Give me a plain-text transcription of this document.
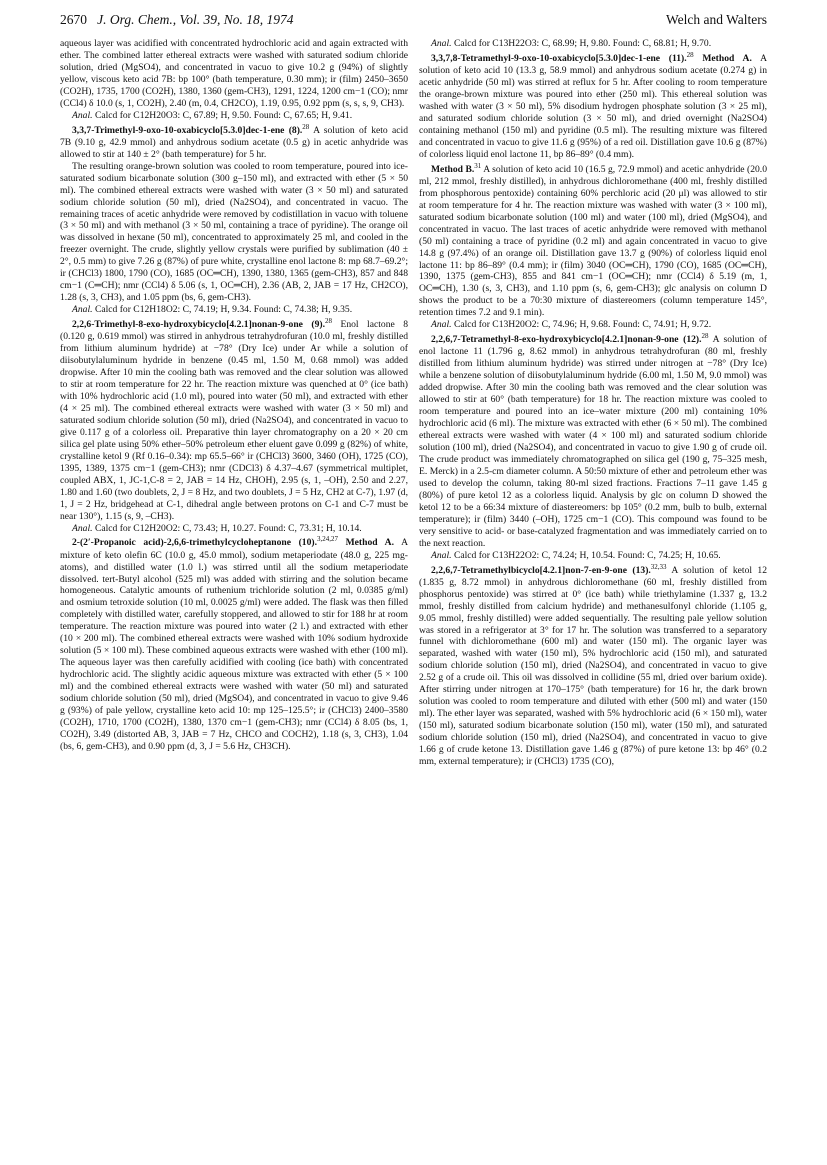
2670 J. Org. Chem., Vol. 39, No. 18, 1974	Welch and Walters

aqueous layer was acidified with concentrated hydrochloric acid and again extracted with ether. The combined latter ethereal extracts were washed with saturated sodium chloride solution, dried (MgSO4), and concentrated in vacuo to give 10.2 g (94%) of slightly yellow, viscous keto acid 7B: bp 100° (bath temperature, 0.30 mm); ir (film) 2450–3650 (CO2H), 1735, 1700 (CO2H), 1380, 1360 (gem-CH3), 1291, 1224, 1200 cm−1 (CO); nmr (CCl4) δ 10.0 (s, 1, CO2H), 2.40 (m, 0.4, CH2CO), 1.19, 0.95, 0.92 ppm (s, s, s, 9, CH3).

Anal. Calcd for C12H20O3: C, 67.89; H, 9.50. Found: C, 67.65; H, 9.41.

3,3,7-Trimethyl-9-oxo-10-oxabicyclo[5.3.0]dec-1-ene (8).$^{28}$ A solution of keto acid 7B (9.10 g, 42.9 mmol) and anhydrous sodium acetate (0.5 g) in acetic anhydride was allowed to stir at 140 ± 2° (bath temperature) for 5 hr.

The resulting orange-brown solution was cooled to room temperature, poured into ice-saturated sodium bicarbonate solution (300 g–150 ml), and extracted with ether (5 × 50 ml). The combined ethereal extracts were washed with water (3 × 50 ml) and saturated sodium chloride solution (50 ml), dried (Na2SO4), and concentrated in vacuo. The remaining traces of acetic anhydride were removed by codistillation in vacuo with toluene (3 × 50 ml) and with methanol (3 × 50 ml, containing a trace of pyridine). The orange oil was dissolved in hexane (50 ml), concentrated to approximately 25 ml, and cooled in the freezer overnight. The crude, slightly yellow crystals were purified by sublimation (40 ± 2°, 0.5 mm) to give 7.26 g (87%) of pure white, crystalline enol lactone 8: mp 68.7–69.2°; ir (CHCl3) 1800, 1790 (CO), 1685 (OC═CH), 1390, 1380, 1365 (gem-CH3), 857 and 848 cm−1 (C═CH); nmr (CCl4) δ 5.06 (s, 1, OC═CH), 2.36 (AB, 2, JAB = 17 Hz, CH2CO), 1.28 (s, 3, CH3), and 1.05 ppm (bs, 6, gem-CH3).

Anal. Calcd for C12H18O2: C, 74.19; H, 9.34. Found: C, 74.38; H, 9.35.

2,2,6-Trimethyl-8-exo-hydroxybicyclo[4.2.1]nonan-9-one (9).$^{28}$ Enol lactone 8 (0.120 g, 0.619 mmol) was stirred in anhydrous tetrahydrofuran (10.0 ml, freshly distilled from lithium aluminum hydride) at −78° (Dry Ice) under Ar while a solution of diisobutylaluminum hydride in benzene (0.45 ml, 1.50 M, 0.68 mmol) was added dropwise. After 10 min the cooling bath was removed and the clear solution was allowed to stir at room temperature for 22 hr. The reaction mixture was quenched at 0° (ice bath) with 10% hydrochloric acid (1.0 ml), poured into water (50 ml), and extracted with ether (4 × 25 ml). The combined ethereal extracts were washed with water (3 × 50 ml) and saturated sodium chloride solution (50 ml), dried (Na2SO4), and concentrated in vacuo to give 0.117 g of a colorless oil. Preparative thin layer chromatography on a 20 × 20 cm silica gel plate using 50% ether–50% petroleum ether eluent gave 0.099 g (82%) of white, crystalline ketol 9 (Rf 0.16–0.34): mp 65.5–66° ir (CHCl3) 3600, 3460 (OH), 1725 (CO), 1395, 1389, 1375 cm−1 (gem-CH3); nmr (CDCl3) δ 4.37–4.67 (symmetrical multiplet, coupled ABX, 1, JC-1,C-8 = 2, JAB = 14 Hz, CHOH), 2.95 (s, 1, –OH), 2.50 and 2.27, 1.80 and 1.60 (two doublets, 2, J = 8 Hz, and two doublets, J = 5 Hz, CH2 at C-7), 1.97 (d, 1, J = 2 Hz, bridgehead at C-1, dihedral angle between protons on C-1 and C-7 must be near 130°), 1.15 (s, 9, –CH3).

Anal. Calcd for C12H20O2: C, 73.43; H, 10.27. Found: C, 73.31; H, 10.14.

2-(2′-Propanoic acid)-2,6,6-trimethylcycloheptanone (10).$^{3,24,27}$ Method A. A mixture of keto olefin 6C (10.0 g, 45.0 mmol), sodium metaperiodate (48.0 g, 225 mg-atoms), and distilled water (1.0 l.) was stirred until all the sodium metaperiodate dissolved. tert-Butyl alcohol (525 ml) was added with stirring and the solution became homogeneous. Catalytic amounts of ruthenium trichloride solution (2 ml, 0.0385 g/ml) and osmium tetroxide solution (10 ml, 0.0025 g/ml) were added. The flask was then filled completely with distilled water, carefully stoppered, and allowed to stir for 188 hr at room temperature. The reaction mixture was poured into water (2 l.) and extracted with ether (10 × 200 ml). The combined ethereal extracts were washed with 10% sodium hydroxide solution (5 × 100 ml). These combined aqueous extracts were washed with ether (100 ml). The aqueous layer was then carefully acidified with cooling (ice bath) with concentrated hydrochloric acid. The slightly acidic aqueous mixture was extracted with ether (5 × 100 ml) and the combined ethereal extracts were washed with water (50 ml) and saturated sodium chloride solution (50 ml), dried (MgSO4), and concentrated in vacuo to give 9.46 g (93%) of pale yellow, crystalline keto acid 10: mp 125–125.5°; ir (CHCl3) 2400–3580 (CO2H), 1710, 1700 (CO2H), 1380, 1370 cm−1 (gem-CH3); nmr (CCl4) δ 8.05 (bs, 1, CO2H), 3.49 (distorted AB, 3, JAB = 7 Hz, CHCO and COCH2), 1.18 (s, 3, CH3), 1.04 (bs, 6, gem-CH3), and 0.90 ppm (d, 3, J = 5.6 Hz, CH3CH).

Anal. Calcd for C13H22O3: C, 68.99; H, 9.80. Found: C, 68.81; H, 9.70.

3,3,7,8-Tetramethyl-9-oxo-10-oxabicyclo[5.3.0]dec-1-ene (11).$^{28}$ Method A. A solution of keto acid 10 (13.3 g, 58.9 mmol) and anhydrous sodium acetate (0.274 g) in acetic anhydride (50 ml) was stirred at reflux for 5 hr. After cooling to room temperature the orange-brown mixture was poured into ether (250 ml). This ethereal solution was washed with water (3 × 50 ml), 5% disodium hydrogen phosphate solution (3 × 25 ml), and saturated sodium chloride solution (3 × 50 ml), and dried overnight (Na2SO4) containing methanol (150 ml) and pyridine (0.5 ml). The resulting mixture was filtered and concentrated in vacuo to give 11.6 g (95%) of a red oil. Distillation gave 10.6 g (87%) of colorless liquid enol lactone 11, bp 86–89° (0.4 mm).

Method B.$^{31}$ A solution of keto acid 10 (16.5 g, 72.9 mmol) and acetic anhydride (20.0 ml, 212 mmol, freshly distilled), in anhydrous dichloromethane (400 ml, freshly distilled from phosphorous pentoxide) containing 60% perchloric acid (20 μl) was allowed to stir at room temperature for 4 hr. The reaction mixture was washed with water (3 × 100 ml), saturated sodium bicarbonate solution (100 ml) and water (100 ml), dried (MgSO4), and concentrated in vacuo. The last traces of acetic anhydride were removed with methanol (50 ml) containing a trace of pyridine (0.2 ml) and again concentrated in vacuo to give 14.8 g (97.4%) of an orange oil. Distillation gave 13.7 g (90%) of colorless liquid enol lactone 11: bp 86–89° (0.4 mm); ir (film) 3040 (OC═CH), 1790 (CO), 1685 (OC═CH), 1390, 1375 (gem-CH3), 855 and 841 cm−1 (OC═CH); nmr (CCl4) δ 5.19 (m, 1, OC═CH), 1.30 (s, 3, CH3), and 1.10 ppm (s, 6, gem-CH3); glc analysis on column D shows the product to be a 70:30 mixture of diastereomers (column temperature 145°, retention times 7.2 and 9.1 min).

Anal. Calcd for C13H20O2: C, 74.96; H, 9.68. Found: C, 74.91; H, 9.72.

2,2,6,7-Tetramethyl-8-exo-hydroxybicyclo[4.2.1]nonan-9-one (12).$^{28}$ A solution of enol lactone 11 (1.796 g, 8.62 mmol) in anhydrous tetrahydrofuran (80 ml, freshly distilled from lithium aluminum hydride) was stirred under nitrogen at −78° (Dry Ice) while a benzene solution of diisobutylaluminum hydride (6.00 ml, 1.50 M, 9.0 mmol) was added dropwise. After 30 min the cooling bath was removed and the clear solution was allowed to stir at 60° (bath temperature) for 18 hr. The reaction mixture was cooled to room temperature and poured into an ice–water mixture (200 ml) containing 10% hydrochloric acid (6 ml). The mixture was extracted with ether (6 × 50 ml). The combined ethereal extracts were washed with water (4 × 100 ml) and saturated sodium chloride solution (100 ml), dried (Na2SO4), and concentrated in vacuo to give 1.90 g of crude oil. The crude product was immediately chromatographed on silica gel (190 g, 75–325 mesh, E. Merck) in a 2.5-cm diameter column. A 50:50 mixture of ether and petroleum ether was used to develop the column, taking 80-ml sized fractions. Fractions 7–11 gave 1.45 g (80%) of pure ketol 12 as a colorless liquid. Analysis by glc on column D showed the ketol 12 to be a 66:34 mixture of diastereomers: bp 105° (0.2 mm, bulb to bulb, external temperature); ir (film) 3440 (–OH), 1725 cm−1 (CO). This compound was found to be very sensitive to acid- or base-catalyzed fragmentation and was immediately carried on to the next reaction.

Anal. Calcd for C13H22O2: C, 74.24; H, 10.54. Found: C, 74.25; H, 10.65.

2,2,6,7-Tetramethylbicyclo[4.2.1]non-7-en-9-one (13).$^{32,33}$ A solution of ketol 12 (1.835 g, 8.72 mmol) in anhydrous dichloromethane (60 ml, freshly distilled from phosphorus pentoxide) was stirred at 0° (ice bath) while triethylamine (1.337 g, 13.2 mmol, freshly distilled from calcium hydride) and methanesulfonyl chloride (1.105 g, 9.05 mmol, freshly distilled) were added sequentially. The resulting pale yellow solution was stored in a refrigerator at 3° for 17 hr. The solution was transferred to a separatory funnel with dichloromethane (600 ml) and water (150 ml). The organic layer was separated, washed with water (150 ml), 5% hydrochloric acid (150 ml), and saturated sodium chloride solution (150 ml), dried (Na2SO4), and concentrated in vacuo to give 2.52 g of a crude oil. This oil was dissolved in collidine (55 ml, dried over barium oxide). After stirring under nitrogen at 170–175° (bath temperature) for 16 hr, the dark brown solution was cooled to room temperature and diluted with ether (500 ml) and water (150 ml). The ether layer was separated, washed with 5% hydrochloric acid (6 × 150 ml), water (150 ml), saturated sodium bicarbonate solution (150 ml), water (150 ml), and saturated sodium chloride solution (150 ml), dried (Na2SO4), and concentrated in vacuo to give 1.66 g of crude ketone 13. Distillation gave 1.46 g (87%) of pure ketone 13: bp 46° (0.2 mm, external temperature); ir (CHCl3) 1735 (CO),
